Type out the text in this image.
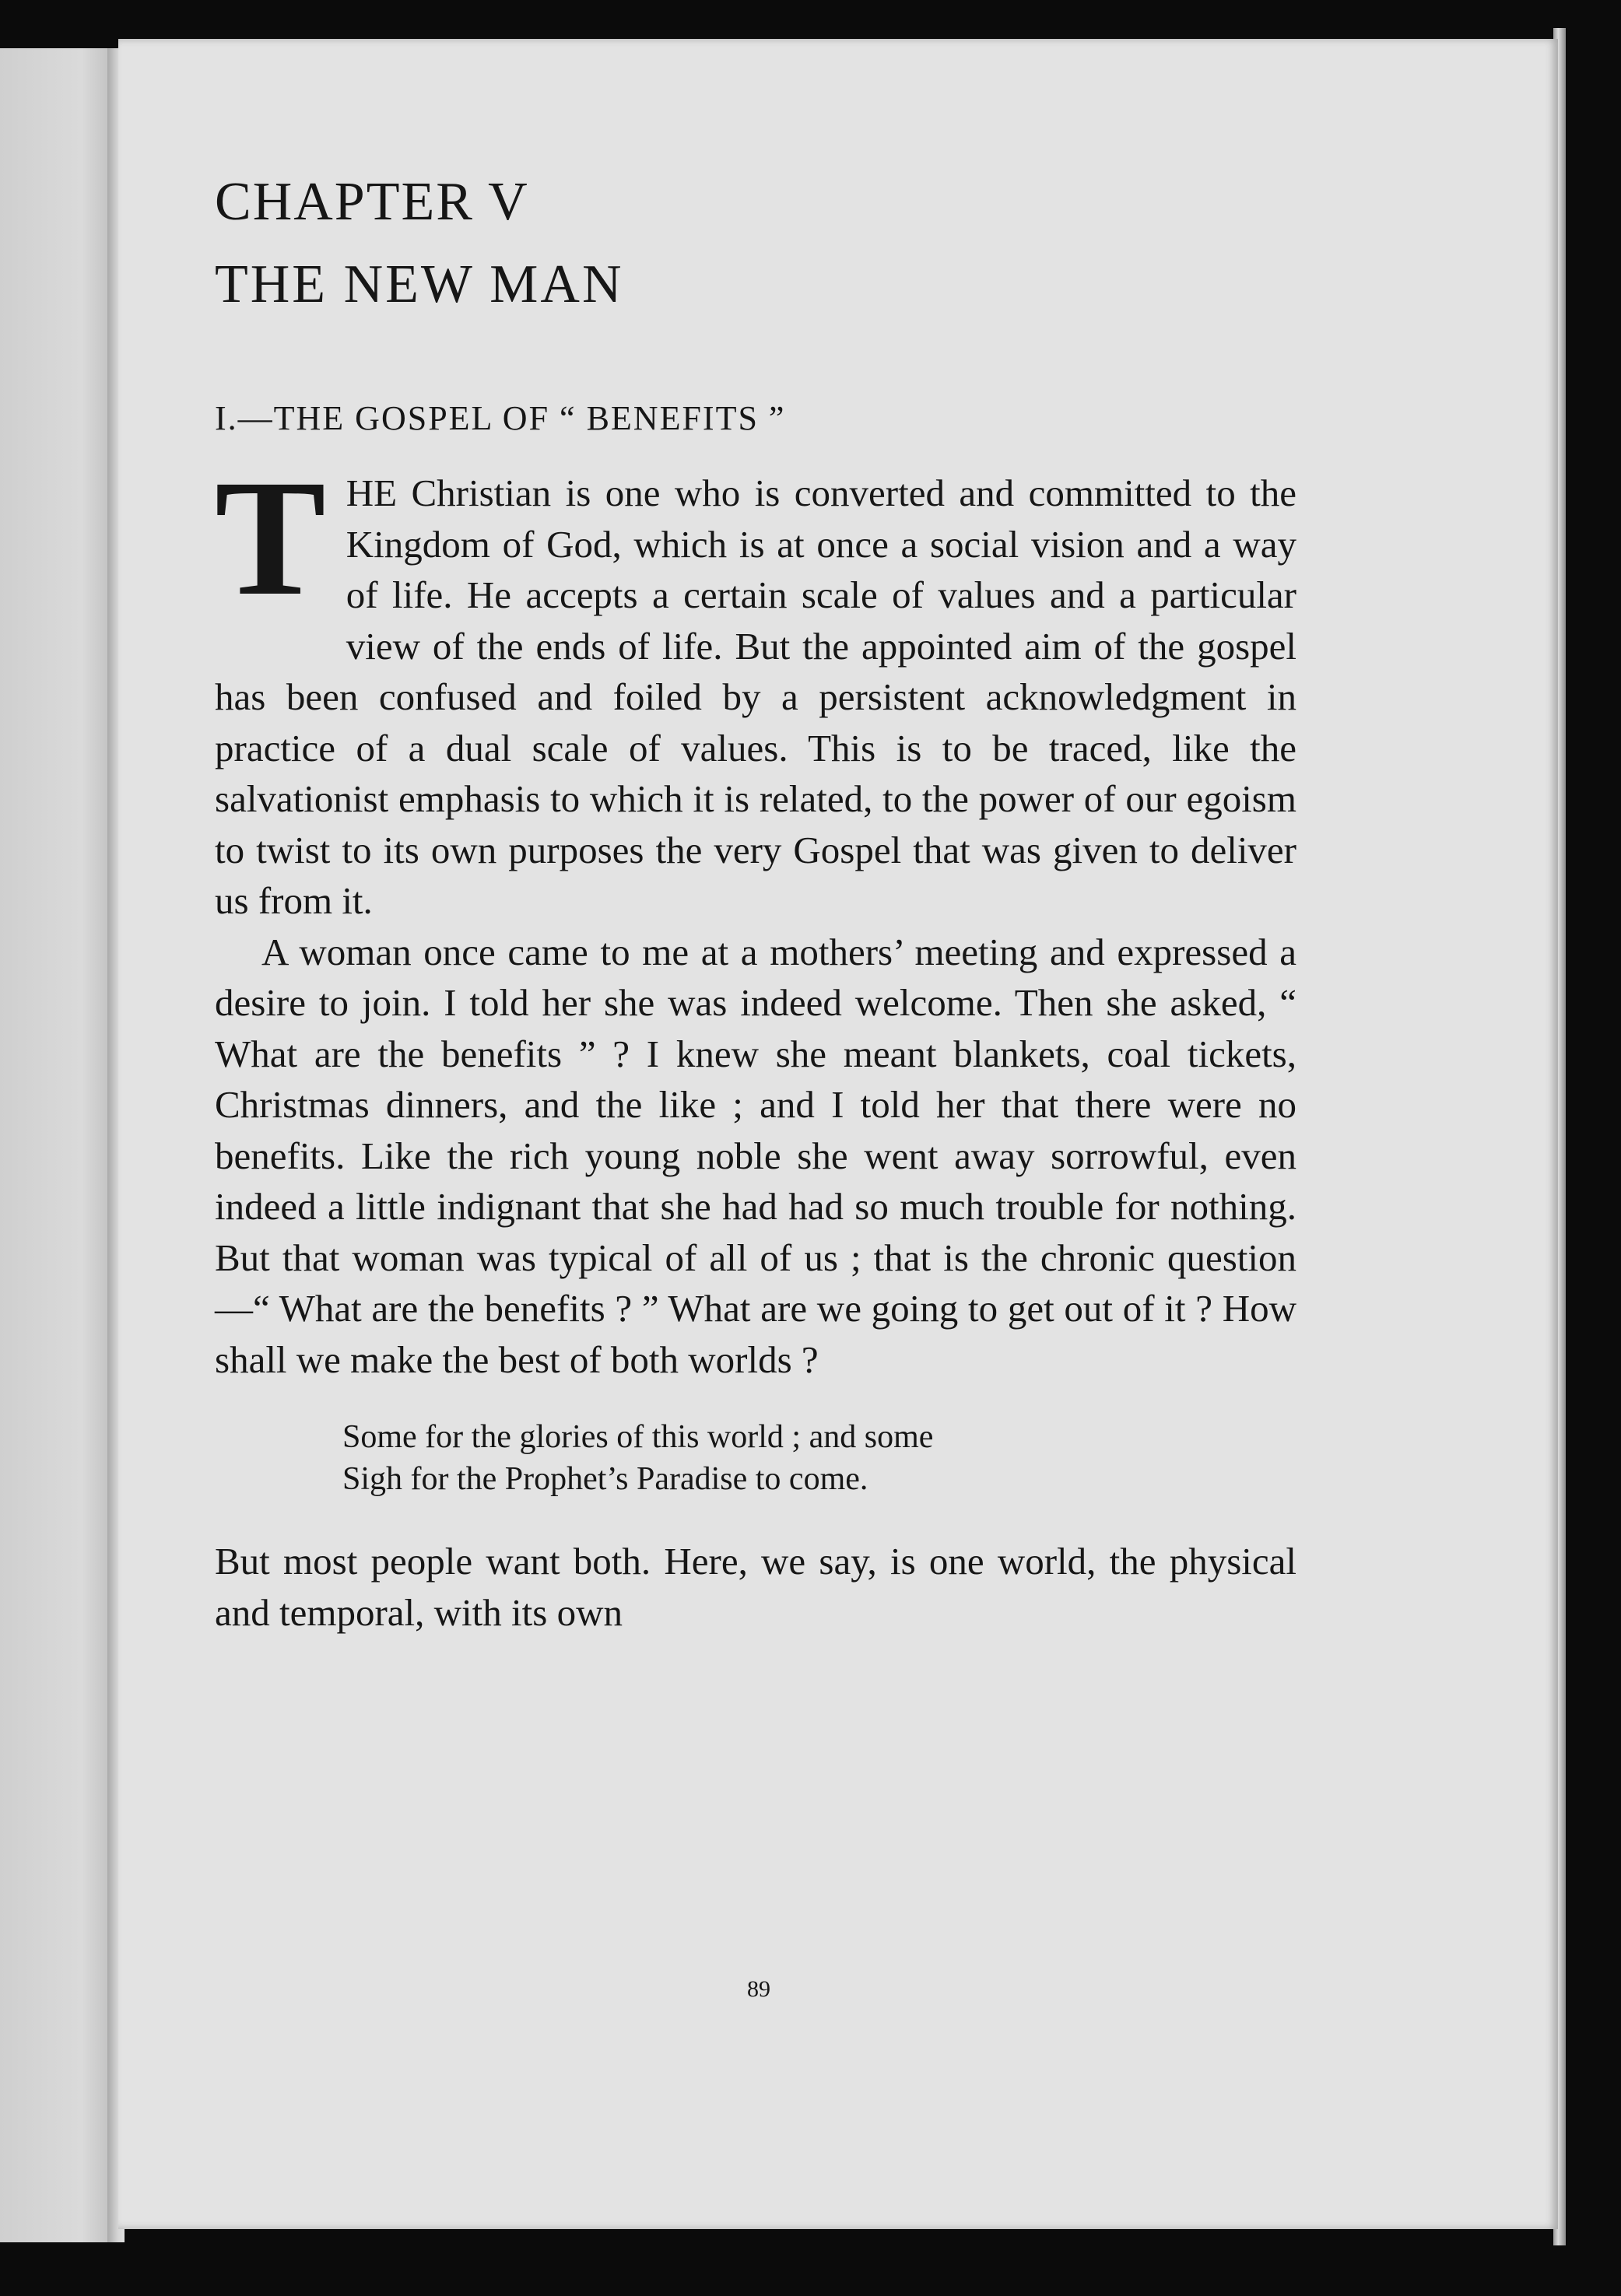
CHAPTER V
THE NEW MAN
I.—THE GOSPEL OF “ BENEFITS ”

THE Christian is one who is converted and committed to the Kingdom of God, which is at once a social vision and a way of life. He accepts a certain scale of values and a particular view of the ends of life. But the appointed aim of the gospel has been confused and foiled by a persistent acknowledgment in practice of a dual scale of values. This is to be traced, like the salvationist emphasis to which it is related, to the power of our egoism to twist to its own purposes the very Gospel that was given to deliver us from it.

A woman once came to me at a mothers’ meeting and expressed a desire to join. I told her she was indeed welcome. Then she asked, “ What are the benefits ” ? I knew she meant blankets, coal tickets, Christmas dinners, and the like ; and I told her that there were no benefits. Like the rich young noble she went away sorrowful, even indeed a little indignant that she had had so much trouble for nothing. But that woman was typical of all of us ; that is the chronic question—“ What are the benefits ? ” What are we going to get out of it ? How shall we make the best of both worlds ?

Some for the glories of this world ; and some
Sigh for the Prophet’s Paradise to come.

But most people want both. Here, we say, is one world, the physical and temporal, with its own

89
